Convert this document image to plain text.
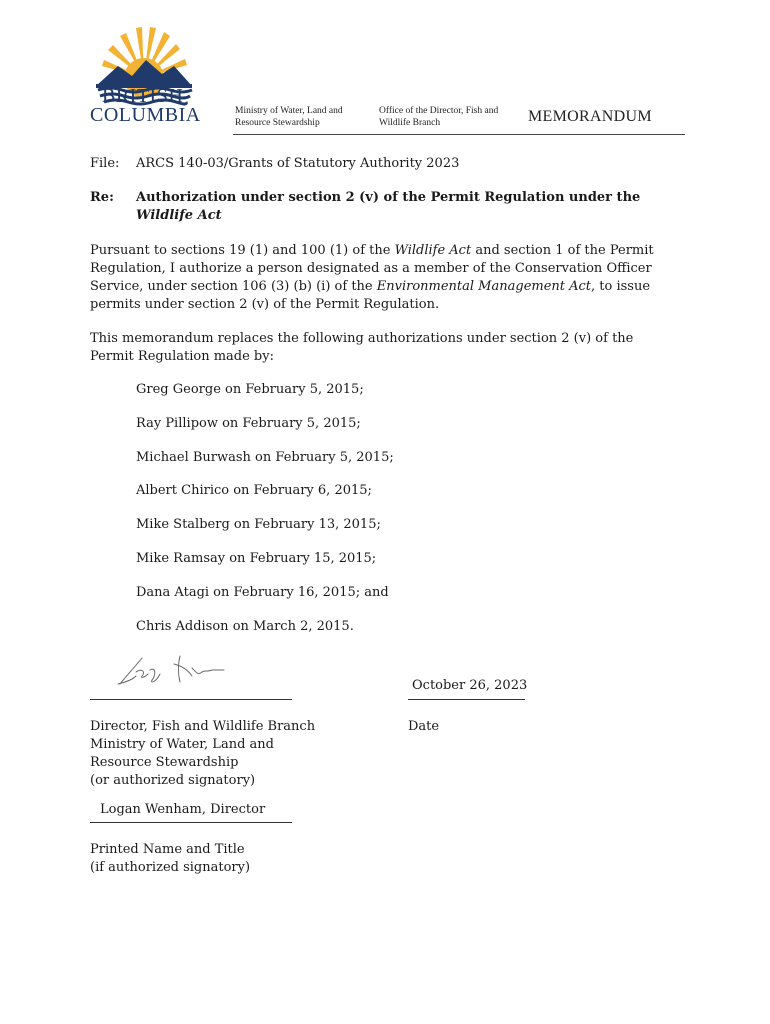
BRITISH
COLUMBIA	Ministry of Water, Land and Resource Stewardship
Office of the Director, Fish and Wildlife Branch	MEMORANDUM
File: ARCS 140-03/Grants of Statutory Authority 2023
Re: Authorization under section 2 (v) of the Permit Regulation under the Wildlife Act
Pursuant to sections 19 (1) and 100 (1) of the Wildlife Act and section 1 of the Permit Regulation, I authorize a person designated as a member of the Conservation Officer Service, under section 106 (3) (b) (i) of the Environmental Management Act, to issue permits under section 2 (v) of the Permit Regulation.
This memorandum replaces the following authorizations under section 2 (v) of the Permit Regulation made by:
Greg George on February 5, 2015;
Ray Pillipow on February 5, 2015;
Michael Burwash on February 5, 2015;
Albert Chirico on February 6, 2015;
Mike Stalberg on February 13, 2015;
Mike Ramsay on February 15, 2015;
Dana Atagi on February 16, 2015; and
Chris Addison on March 2, 2015.
October 26, 2023
Director, Fish and Wildlife Branch
Ministry of Water, Land and
Resource Stewardship
(or authorized signatory)
Date
Logan Wenham, Director
Printed Name and Title
(if authorized signatory)
